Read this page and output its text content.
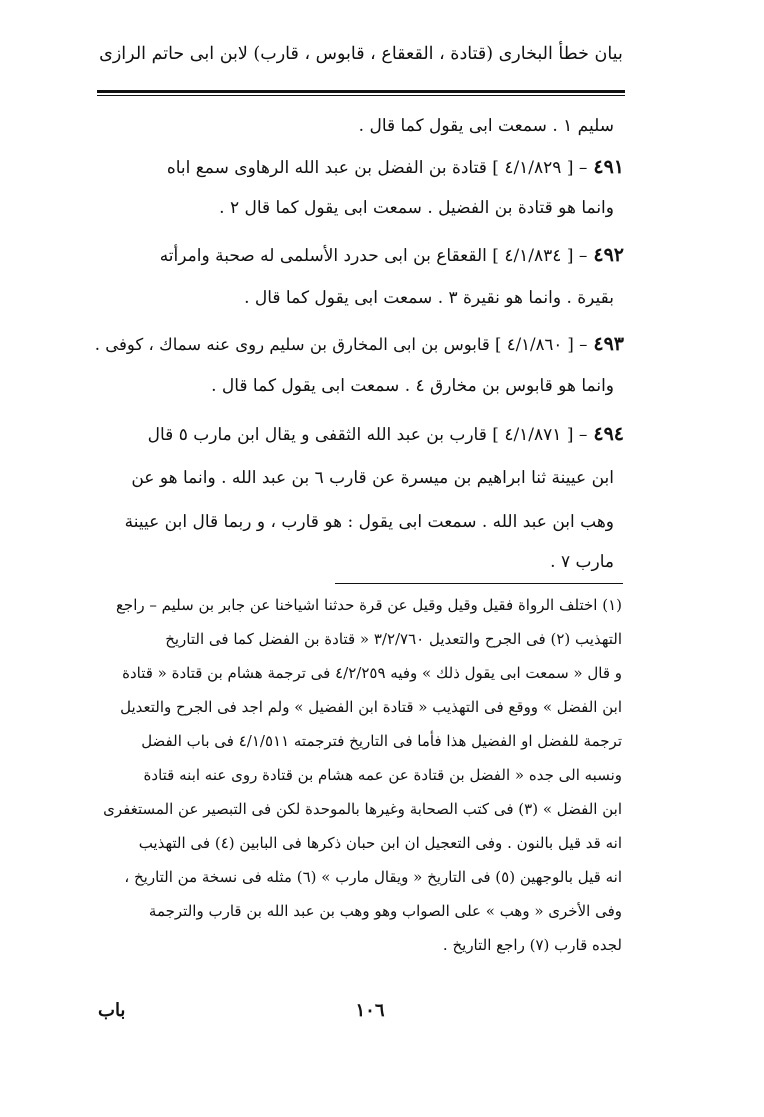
بيان خطأ البخارى (قتادة ، القعقاع ، قابوس ، قارب) لابن ابى حاتم الرازى
سليم ١ . سمعت ابى يقول كما قال .
٤٩١– [ ٤/١/٨٢٩ ] قتادة بن الفضل بن عبد الله الرهاوى سمع اباه
وانما هو قتادة بن الفضيل . سمعت ابى يقول كما قال ٢ .
٤٩٢– [ ٤/١/٨٣٤ ] القعقاع بن ابى حدرد الأسلمى له صحبة وامرأته
بقيرة . وانما هو نقيرة ٣ . سمعت ابى يقول كما قال .
٤٩٣– [ ٤/١/٨٦٠ ] قابوس بن ابى المخارق بن سليم روى عنه سماك ، كوفى .
وانما هو قابوس بن مخارق ٤ . سمعت ابى يقول كما قال .
٤٩٤– [ ٤/١/٨٧١ ] قارب بن عبد الله الثقفى و يقال ابن مارب ٥ قال
ابن عيينة ثنا ابراهيم بن ميسرة عن قارب ٦ بن عبد الله . وانما هو عن
وهب ابن عبد الله . سمعت ابى يقول : هو قارب ، و ربما قال ابن عيينة
مارب ٧ .
(١) اختلف الرواة فقيل وقيل وقيل عن قرة حدثنا اشياخنا عن جابر بن سليم – راجع
التهذيب (٢) فى الجرح والتعديل ٣/٢/٧٦٠ « قتادة بن الفضل كما فى التاريخ
و قال « سمعت ابى يقول ذلك » وفيه ٤/٢/٢٥٩ فى ترجمة هشام بن قتادة « قتادة
ابن الفضل » ووقع فى التهذيب « قتادة ابن الفضيل » ولم اجد فى الجرح والتعديل
ترجمة للفضل او الفضيل هذا فأما فى التاريخ فترجمته ٤/١/٥١١ فى باب الفضل
ونسبه الى جده « الفضل بن قتادة عن عمه هشام بن قتادة روى عنه ابنه قتادة
ابن الفضل » (٣) فى كتب الصحابة وغيرها بالموحدة لكن فى التبصير عن المستغفرى
انه قد قيل بالنون . وفى التعجيل ان ابن حبان ذكرها فى البابين (٤) فى التهذيب
انه قيل بالوجهين (٥) فى التاريخ « ويقال مارب » (٦) مثله فى نسخة من التاريخ ،
وفى الأخرى « وهب » على الصواب وهو وهب بن عبد الله بن قارب والترجمة
لجده قارب (٧) راجع التاريخ .
١٠٦
باب
